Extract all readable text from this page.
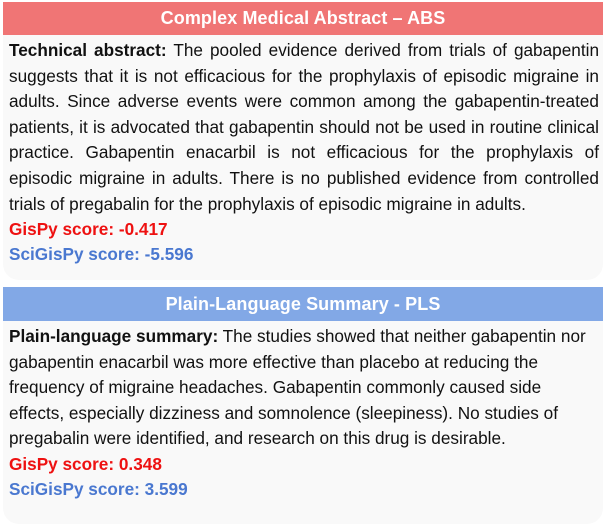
Complex Medical Abstract – ABS
Technical abstract: The pooled evidence derived from trials of gabapentin suggests that it is not efficacious for the prophylaxis of episodic migraine in adults. Since adverse events were common among the gabapentin-treated patients, it is advocated that gabapentin should not be used in routine clinical practice. Gabapentin enacarbil is not efficacious for the prophylaxis of episodic migraine in adults. There is no published evidence from controlled trials of pregabalin for the prophylaxis of episodic migraine in adults.
GisPy score: -0.417
SciGisPy score: -5.596
Plain-Language Summary - PLS
Plain-language summary: The studies showed that neither gabapentin nor gabapentin enacarbil was more effective than placebo at reducing the frequency of migraine headaches. Gabapentin commonly caused side effects, especially dizziness and somnolence (sleepiness). No studies of pregabalin were identified, and research on this drug is desirable.
GisPy score: 0.348
SciGisPy score: 3.599
